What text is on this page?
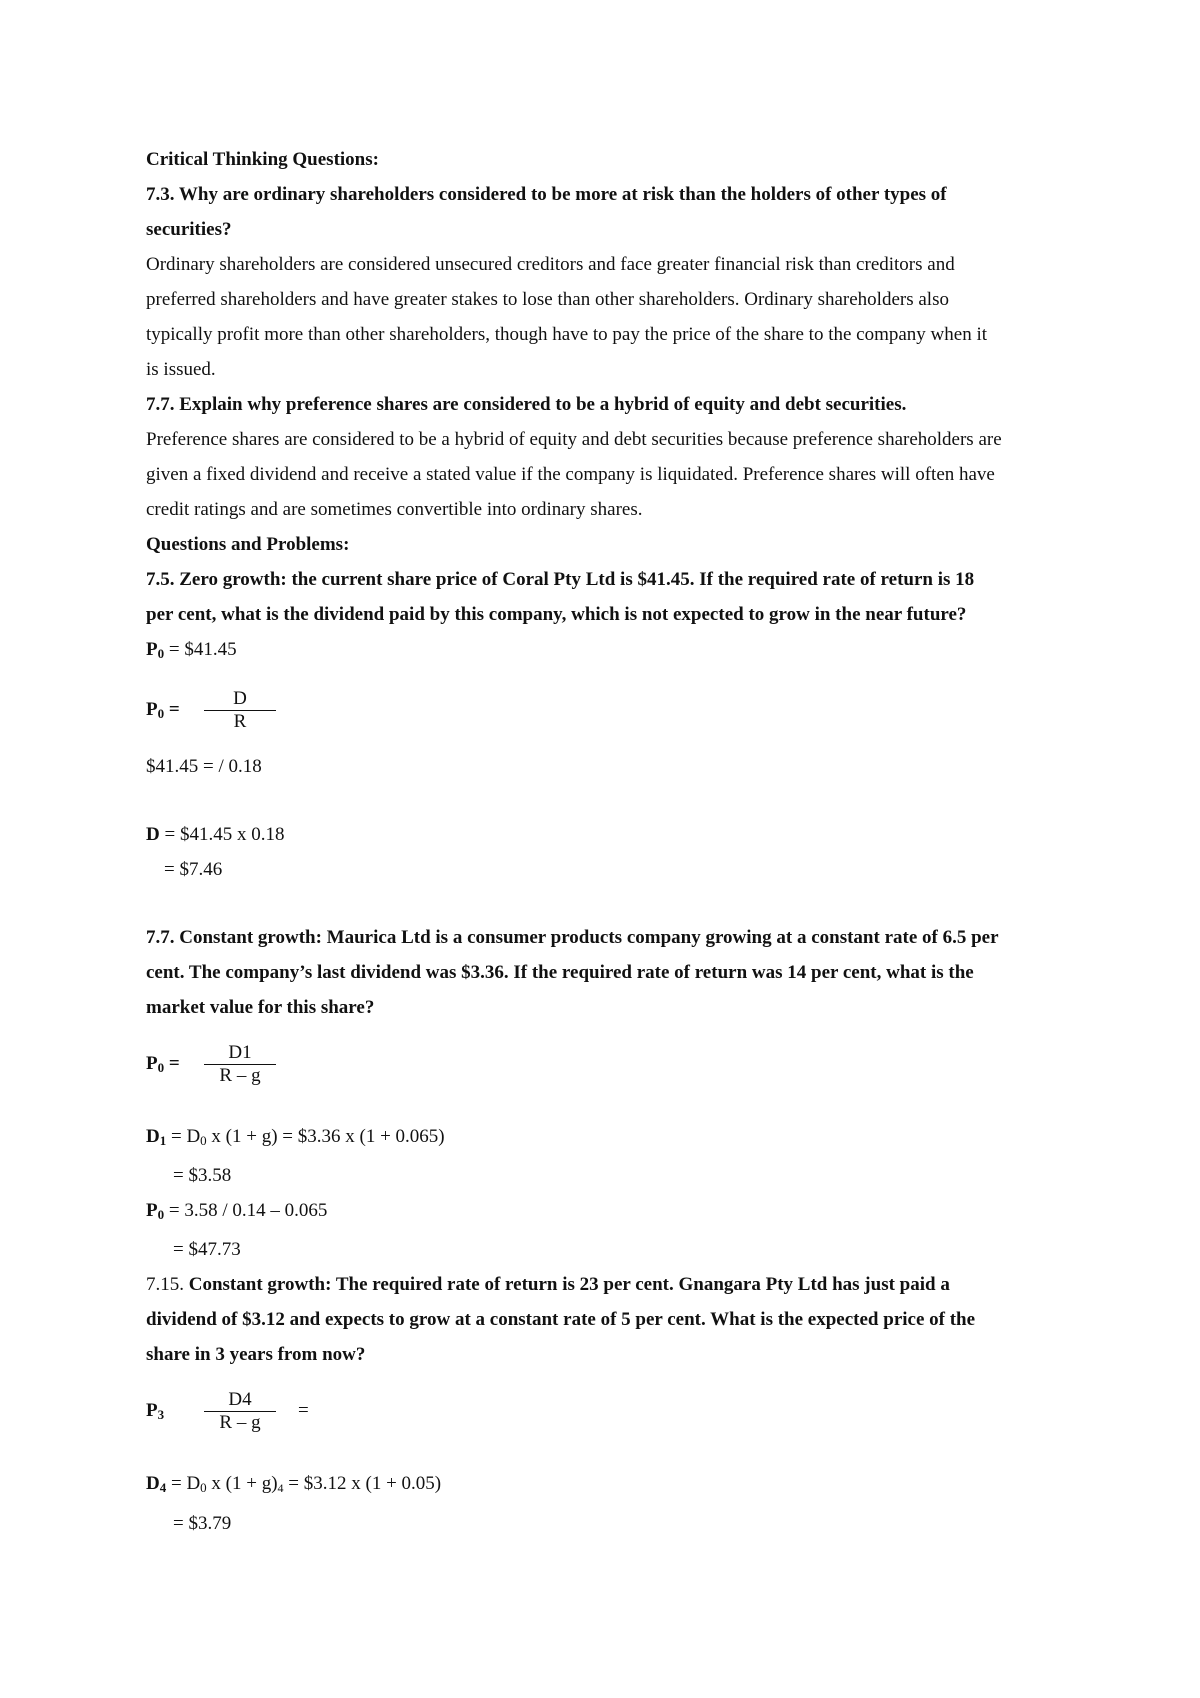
Critical Thinking Questions:
7.3. Why are ordinary shareholders considered to be more at risk than the holders of other types of
securities?
Ordinary shareholders are considered unsecured creditors and face greater financial risk than creditors and
preferred shareholders and have greater stakes to lose than other shareholders. Ordinary shareholders also
typically profit more than other shareholders, though have to pay the price of the share to the company when it
is issued.
7.7. Explain why preference shares are considered to be a hybrid of equity and debt securities.
Preference shares are considered to be a hybrid of equity and debt securities because preference shareholders are
given a fixed dividend and receive a stated value if the company is liquidated. Preference shares will often have
credit ratings and are sometimes convertible into ordinary shares.
Questions and Problems:
7.5. Zero growth: the current share price of Coral Pty Ltd is $41.45. If the required rate of return is 18
per cent, what is the dividend paid by this company, which is not expected to grow in the near future?
$P_0$ = $41.45
$P_0$ =	$\frac{D}{R}$
$41.45 = / 0.18
D = $41.45 x 0.18
= $7.46
7.7. Constant growth: Maurica Ltd is a consumer products company growing at a constant rate of 6.5 per
cent. The company’s last dividend was $3.36. If the required rate of return was 14 per cent, what is the
market value for this share?
$P_0$ =	$\frac{D1}{R - g}$
$D_1 = D_0$ x (1 + g) = $3.36 x (1 + 0.065)
= $3.58
$P_0 = 3.58 / 0.14 - 0.065$
= $47.73
7.15. Constant growth: The required rate of return is 23 per cent. Gnangara Pty Ltd has just paid a
dividend of $3.12 and expects to grow at a constant rate of 5 per cent. What is the expected price of the
share in 3 years from now?
$P_3$	$\frac{D4}{R - g}$ =
$D_4 = D_0$ x $(1 + g)^4$ = $3.12 x (1 + 0.05)
= $3.79
